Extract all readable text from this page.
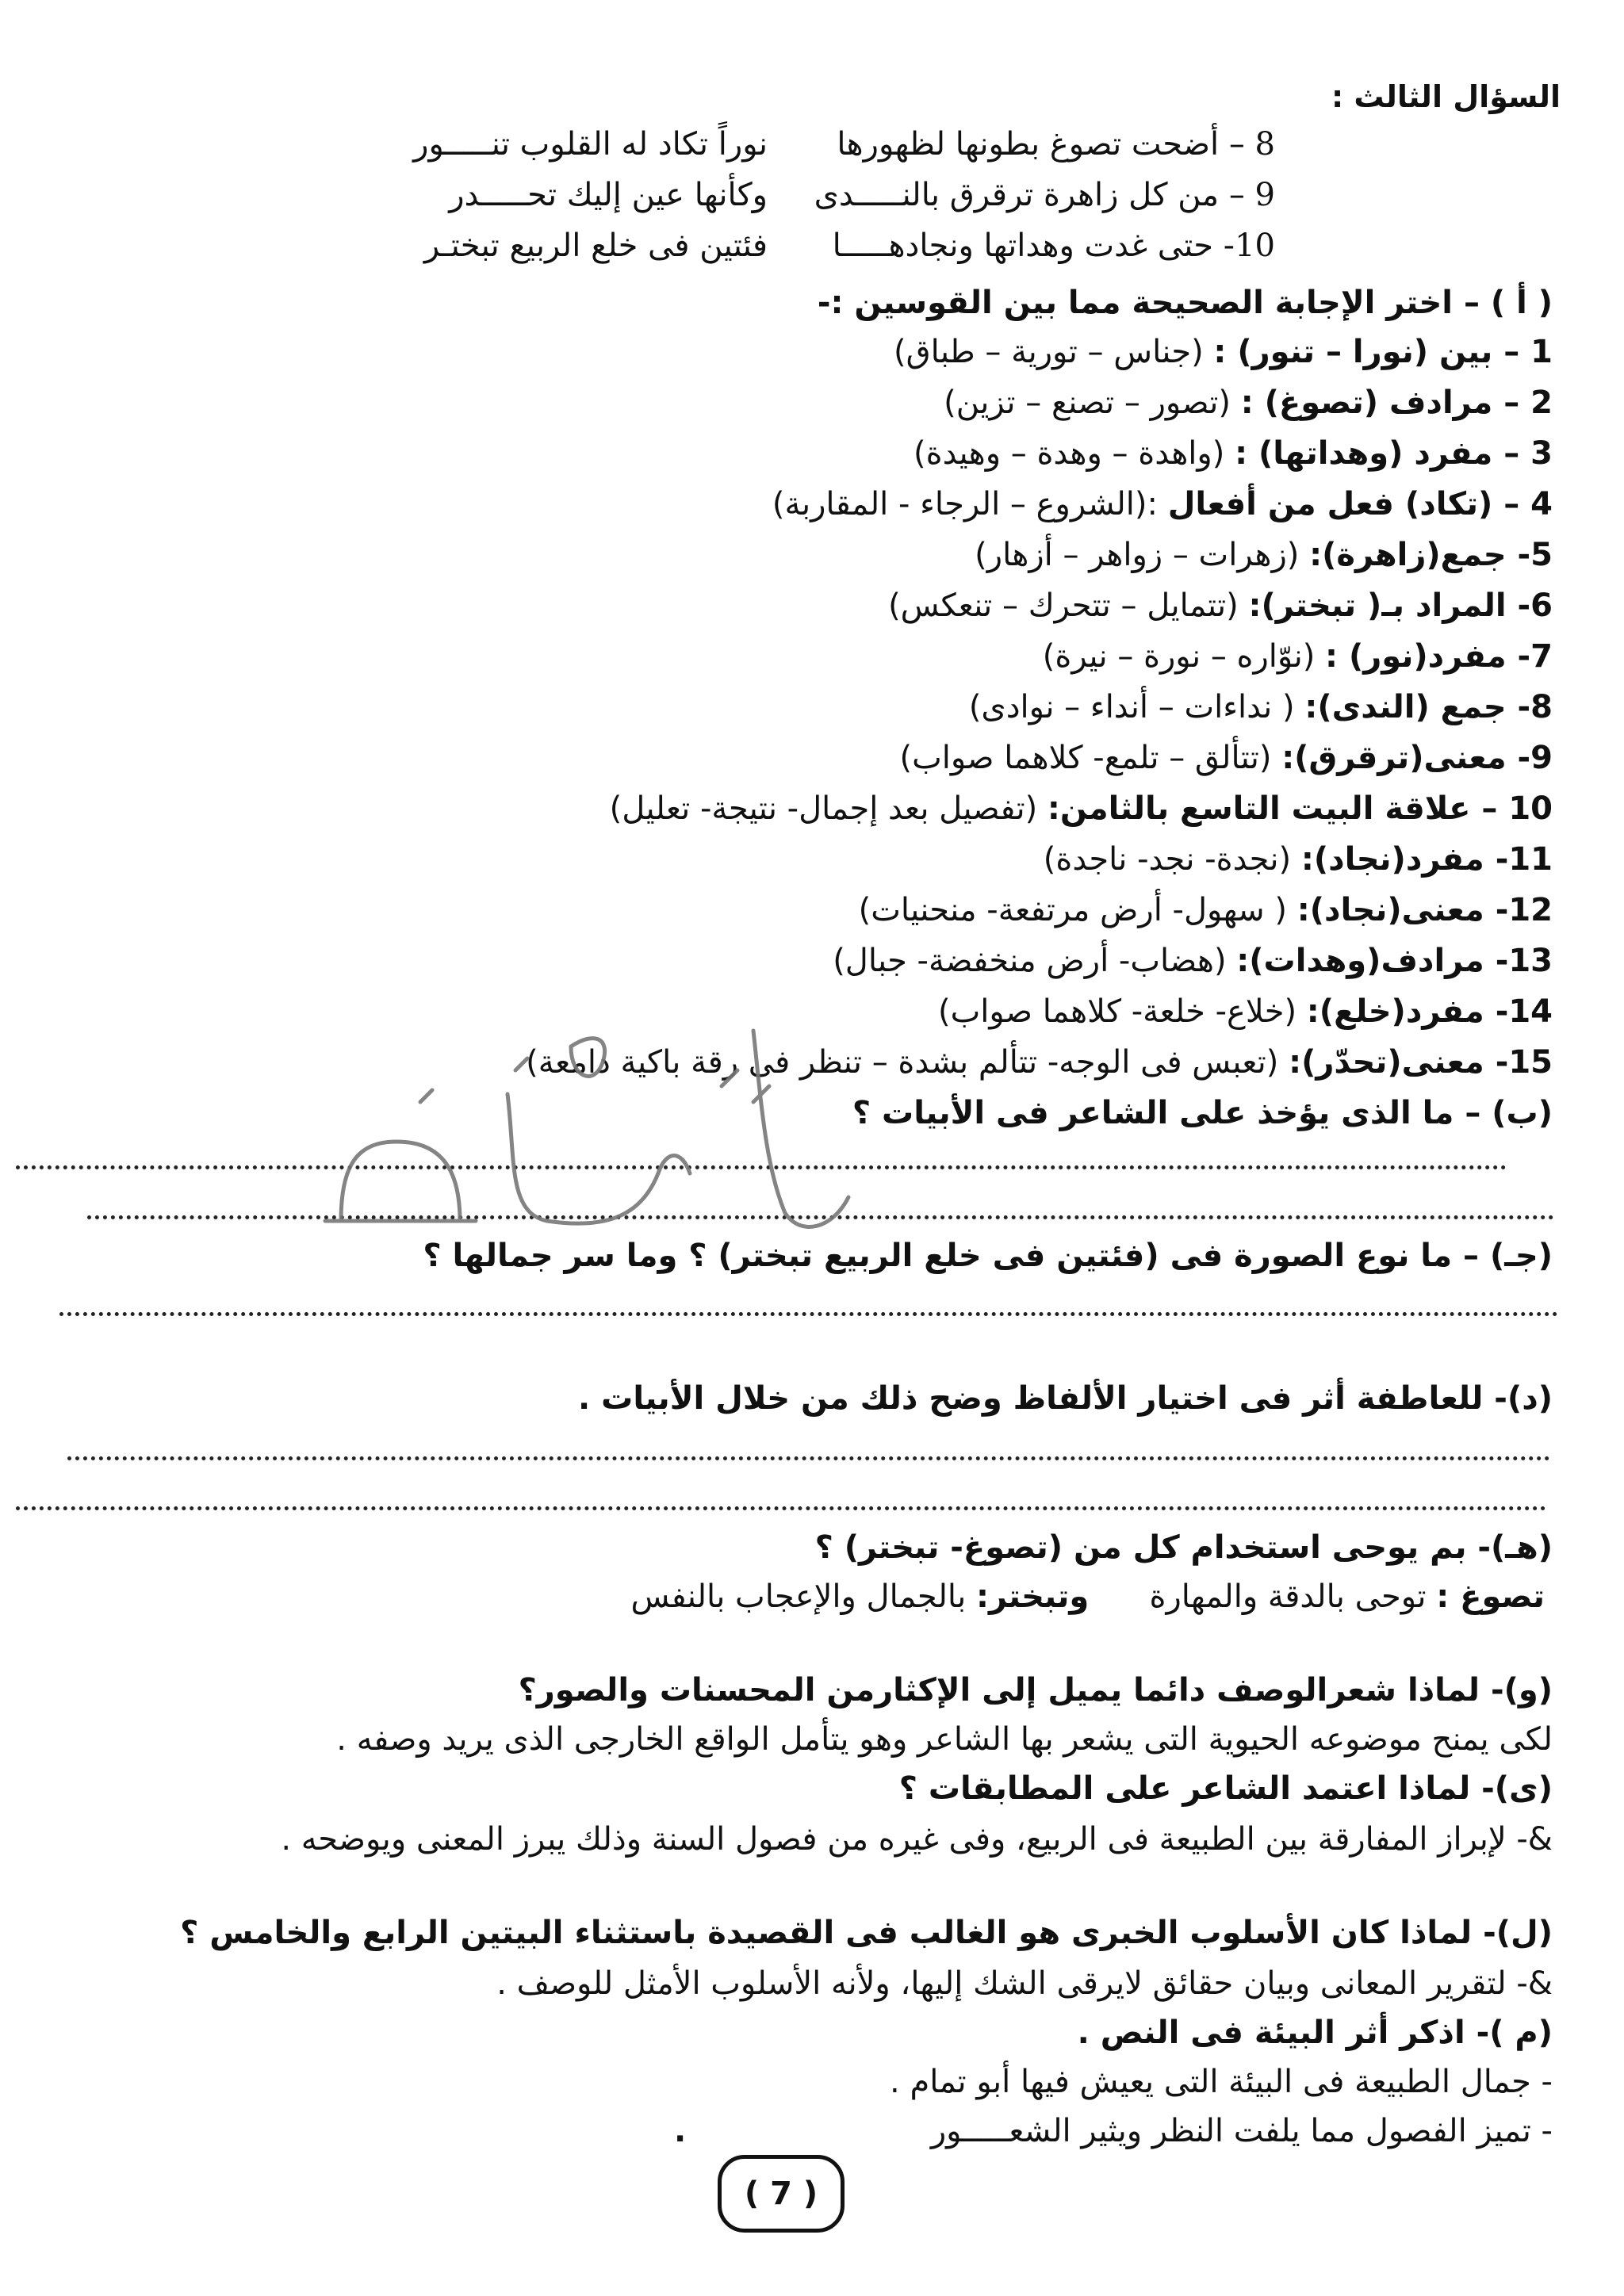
السؤال الثالث :
8 – أضحت تصوغ بطونها لظهورها
نوراً تكاد له القلوب تنـــــور
9 – من كل زاهرة ترقرق بالنـــــدى
وكأنها عين إليك تحـــــدر
10- حتى غدت وهداتها ونجادهـــــا
فئتين فى خلع الربيع تبختـر
( أ ) – اختر الإجابة الصحيحة مما بين القوسين :-
1 – بين (نورا – تنور) : (جناس – تورية – طباق)
2 – مرادف (تصوغ) : (تصور – تصنع – تزين)
3 – مفرد (وهداتها) : (واهدة – وهدة – وهيدة)
4 – (تكاد) فعل من أفعال :(الشروع – الرجاء - المقاربة)
5- جمع(زاهرة): (زهرات – زواهر – أزهار)
6- المراد بـ( تبختر): (تتمايل – تتحرك – تنعكس)
7- مفرد(نور) : (نوّاره – نورة – نيرة)
8- جمع (الندى): ( نداءات – أنداء – نوادى)
9- معنى(ترقرق): (تتألق – تلمع- كلاهما صواب)
10 – علاقة البيت التاسع بالثامن: (تفصيل بعد إجمال- نتيجة- تعليل)
11- مفرد(نجاد): (نجدة- نجد- ناجدة)
12- معنى(نجاد): ( سهول- أرض مرتفعة- منحنيات)
13- مرادف(وهدات): (هضاب- أرض منخفضة- جبال)
14- مفرد(خلع): (خلاع- خلعة- كلاهما صواب)
15- معنى(تحدّر): (تعبس فى الوجه- تتألم بشدة – تنظر فى رقة باكية دامعة)
(ب) – ما الذى يؤخذ على الشاعر فى الأبيات ؟
(جـ) – ما نوع الصورة فى (فئتين فى خلع الربيع تبختر) ؟ وما سر جمالها ؟
(د)- للعاطفة أثر فى اختيار الألفاظ وضح ذلك من خلال الأبيات .
(هـ)- بم يوحى استخدام كل من (تصوغ- تبختر) ؟
تصوغ : توحى بالدقة والمهارة      وتبختر: بالجمال والإعجاب بالنفس
(و)- لماذا شعرالوصف دائما يميل إلى الإكثارمن المحسنات والصور؟
لكى يمنح موضوعه الحيوية التى يشعر بها الشاعر وهو يتأمل الواقع الخارجى الذى يريد وصفه .
(ى)- لماذا اعتمد الشاعر على المطابقات ؟
&- لإبراز المفارقة بين الطبيعة فى الربيع، وفى غيره من فصول السنة وذلك يبرز المعنى ويوضحه .
(ل)- لماذا كان الأسلوب الخبرى هو الغالب فى القصيدة باستثناء البيتين الرابع والخامس ؟
&- لتقرير المعانى وبيان حقائق لايرقى الشك إليها، ولأنه الأسلوب الأمثل للوصف .
(م )- اذكر أثر البيئة فى النص .
- جمال الطبيعة فى البيئة التى يعيش فيها أبو تمام .
- تميز الفصول مما يلفت النظر ويثير الشعـــــور
.
( 7 )
